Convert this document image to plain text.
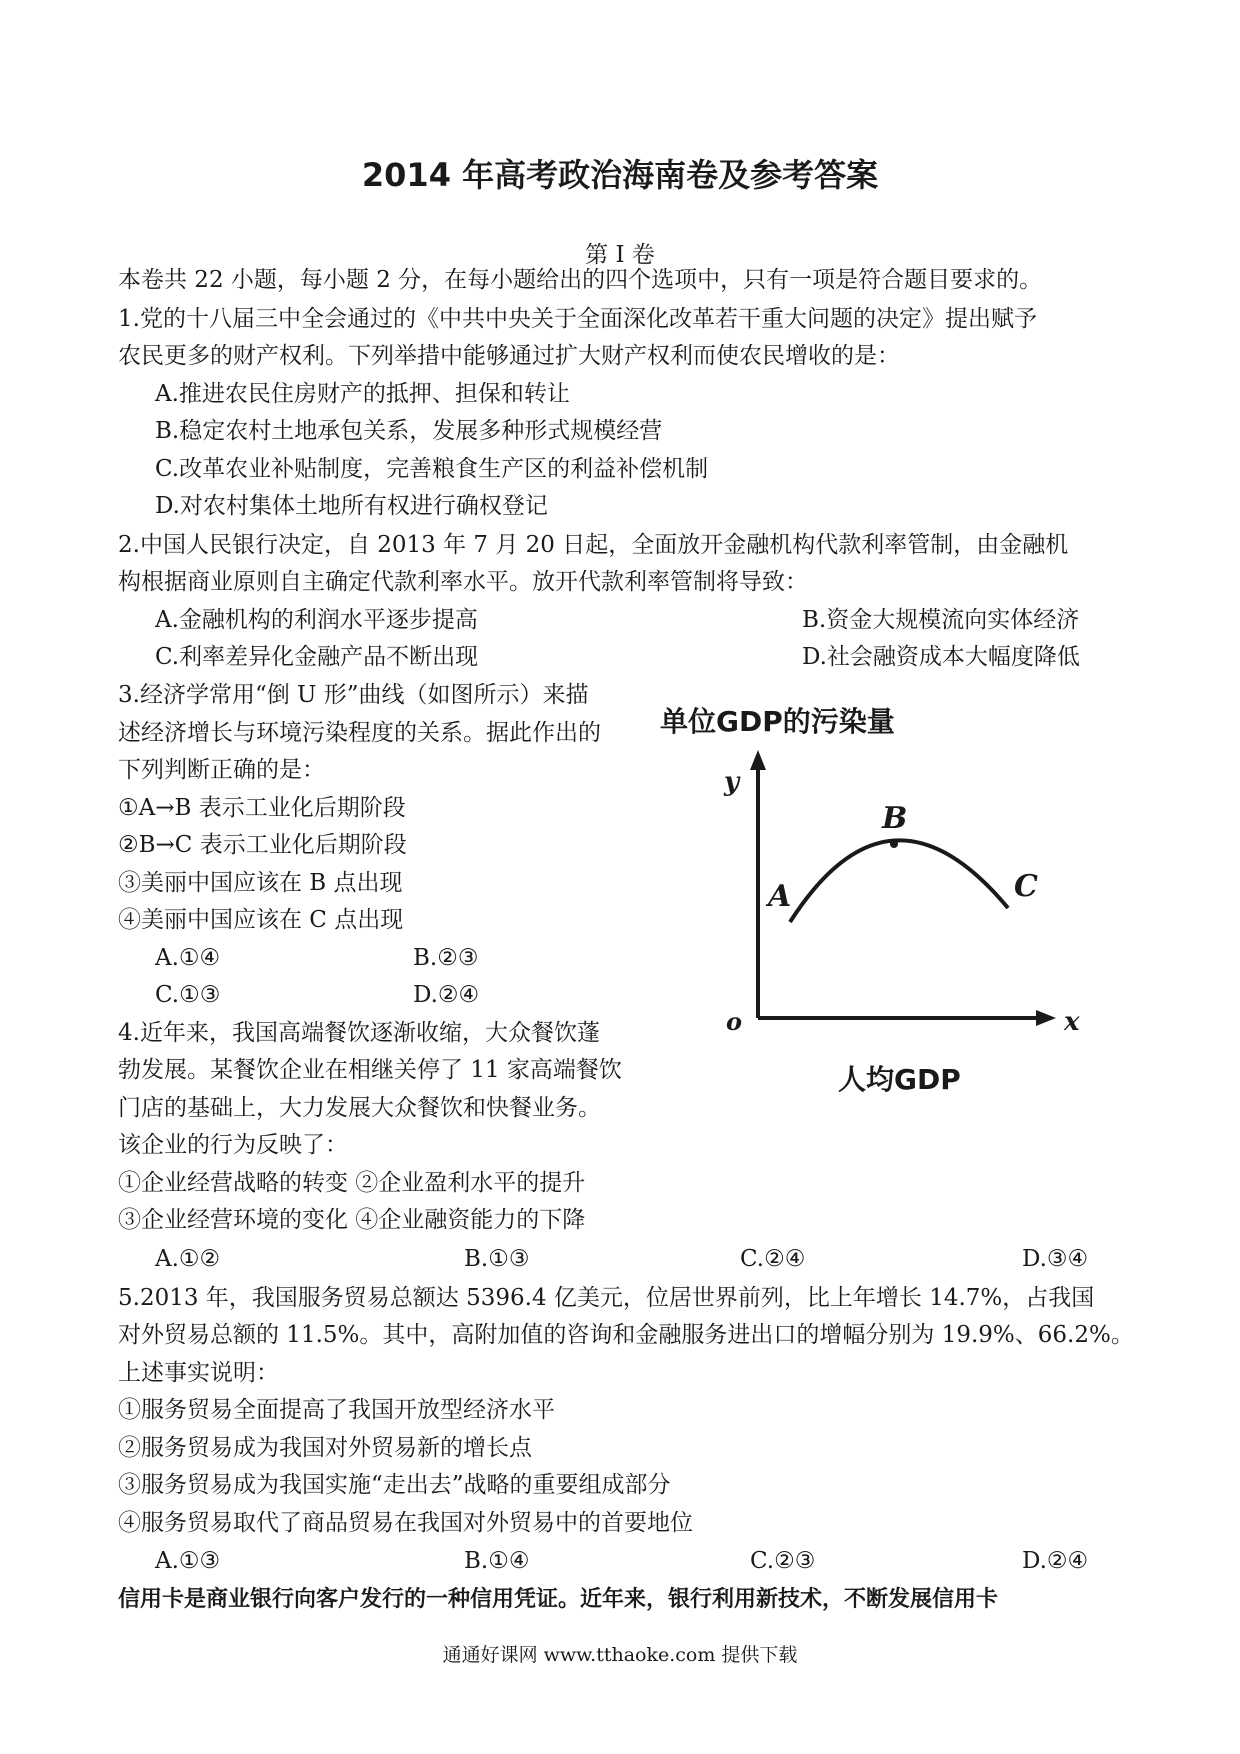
2014 年高考政治海南卷及参考答案
第 I 卷
本卷共 22 小题，每小题 2 分，在每小题给出的四个选项中，只有一项是符合题目要求的。
1.党的十八届三中全会通过的《中共中央关于全面深化改革若干重大问题的决定》提出赋予
农民更多的财产权利。下列举措中能够通过扩大财产权利而使农民增收的是：
A.推进农民住房财产的抵押、担保和转让
B.稳定农村土地承包关系，发展多种形式规模经营
C.改革农业补贴制度，完善粮食生产区的利益补偿机制
D.对农村集体土地所有权进行确权登记
2.中国人民银行决定，自 2013 年 7 月 20 日起，全面放开金融机构代款利率管制，由金融机
构根据商业原则自主确定代款利率水平。放开代款利率管制将导致：
A.金融机构的利润水平逐步提高	B.资金大规模流向实体经济
C.利率差异化金融产品不断出现	D.社会融资成本大幅度降低
3.经济学常用“倒 U 形”曲线（如图所示）来描
述经济增长与环境污染程度的关系。据此作出的
下列判断正确的是：
①A→B 表示工业化后期阶段
②B→C 表示工业化后期阶段
③美丽中国应该在 B 点出现
④美丽中国应该在 C 点出现
A.①④	B.②③
C.①③	D.②④
单位GDP的污染量
y
x
o
A
B
C
人均GDP
4.近年来，我国高端餐饮逐渐收缩，大众餐饮蓬
勃发展。某餐饮企业在相继关停了 11 家高端餐饮
门店的基础上，大力发展大众餐饮和快餐业务。
该企业的行为反映了：
①企业经营战略的转变 ②企业盈利水平的提升
③企业经营环境的变化 ④企业融资能力的下降
A.①②	B.①③	C.②④	D.③④
5.2013 年，我国服务贸易总额达 5396.4 亿美元，位居世界前列，比上年增长 14.7%，占我国
对外贸易总额的 11.5%。其中，高附加值的咨询和金融服务进出口的增幅分别为 19.9%、66.2%。
上述事实说明：
①服务贸易全面提高了我国开放型经济水平
②服务贸易成为我国对外贸易新的增长点
③服务贸易成为我国实施“走出去”战略的重要组成部分
④服务贸易取代了商品贸易在我国对外贸易中的首要地位
A.①③	B.①④	C.②③	D.②④
信用卡是商业银行向客户发行的一种信用凭证。近年来，银行利用新技术，不断发展信用卡
通通好课网 www.tthaoke.com 提供下载
